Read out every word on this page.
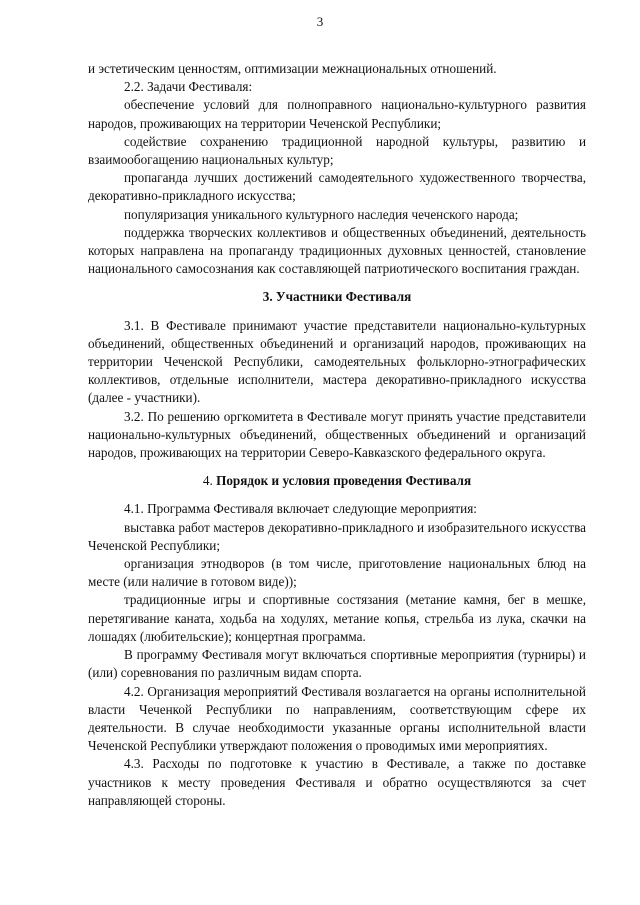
3

и эстетическим ценностям, оптимизации межнациональных отношений.

2.2. Задачи Фестиваля:

обеспечение условий для полноправного национально-культурного развития народов, проживающих на территории Чеченской Республики;

содействие сохранению традиционной народной культуры, развитию и взаимообогащению национальных культур;

пропаганда лучших достижений самодеятельного художественного творчества, декоративно-прикладного искусства;

популяризация уникального культурного наследия чеченского народа;

поддержка творческих коллективов и общественных объединений, деятельность которых направлена на пропаганду традиционных духовных ценностей, становление национального самосознания как составляющей патриотического воспитания граждан.

3. Участники Фестиваля

3.1. В Фестивале принимают участие представители национально-культурных объединений, общественных объединений и организаций народов, проживающих на территории Чеченской Республики, самодеятельных фольклорно-этнографических коллективов, отдельные исполнители, мастера декоративно-прикладного искусства (далее - участники).

3.2. По решению оргкомитета в Фестивале могут принять участие представители национально-культурных объединений, общественных объединений и организаций народов, проживающих на территории Северо-Кавказского федерального округа.

4. Порядок и условия проведения Фестиваля

4.1. Программа Фестиваля включает следующие мероприятия:

выставка работ мастеров декоративно-прикладного и изобразительного искусства Чеченской Республики;

организация этнодворов (в том числе, приготовление национальных блюд на месте (или наличие в готовом виде));

традиционные игры и спортивные состязания (метание камня, бег в мешке, перетягивание каната, ходьба на ходулях, метание копья, стрельба из лука, скачки на лошадях (любительские); концертная программа.

В программу Фестиваля могут включаться спортивные мероприятия (турниры) и (или) соревнования по различным видам спорта.

4.2. Организация мероприятий Фестиваля возлагается на органы исполнительной власти Чеченкой Республики по направлениям, соответствующим сфере их деятельности. В случае необходимости указанные органы исполнительной власти Чеченской Республики утверждают положения о проводимых ими мероприятиях.

4.3. Расходы по подготовке к участию в Фестивале, а также по доставке участников к месту проведения Фестиваля и обратно осуществляются за счет направляющей стороны.
